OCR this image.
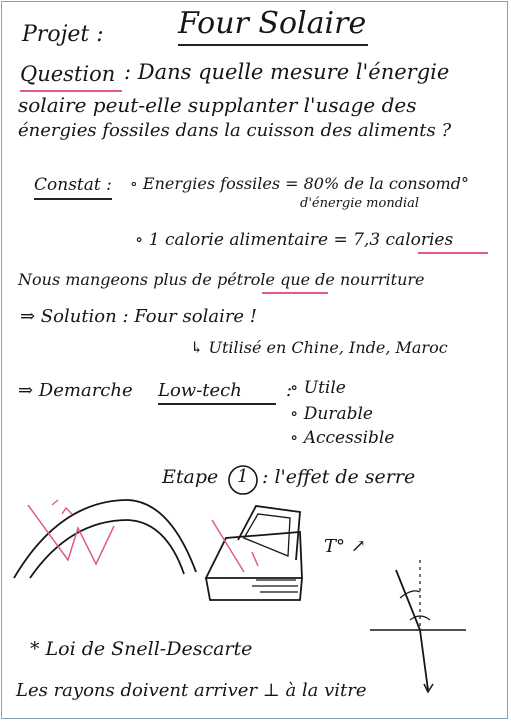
Projet : Four Solaire
Question : Dans quelle mesure l'énergie
solaire peut-elle supplanter l'usage des
énergies fossiles dans la cuisson des aliments ?
Constat : ∘ Energies fossiles = 80% de la consomd°
d'énergie mondial
∘ 1 calorie alimentaire = 7,3 calories
Nous mangeons plus de pétrole que de nourriture
⇒ Solution : Four solaire !
↳ Utilisé en Chine, Inde, Maroc
⇒ Demarche Low-tech :
∘ Utile
∘ Durable
∘ Accessible
Etape 1 : l'effet de serre
T° ↗
* Loi de Snell-Descarte
Les rayons doivent arriver ⊥ à la vitre
